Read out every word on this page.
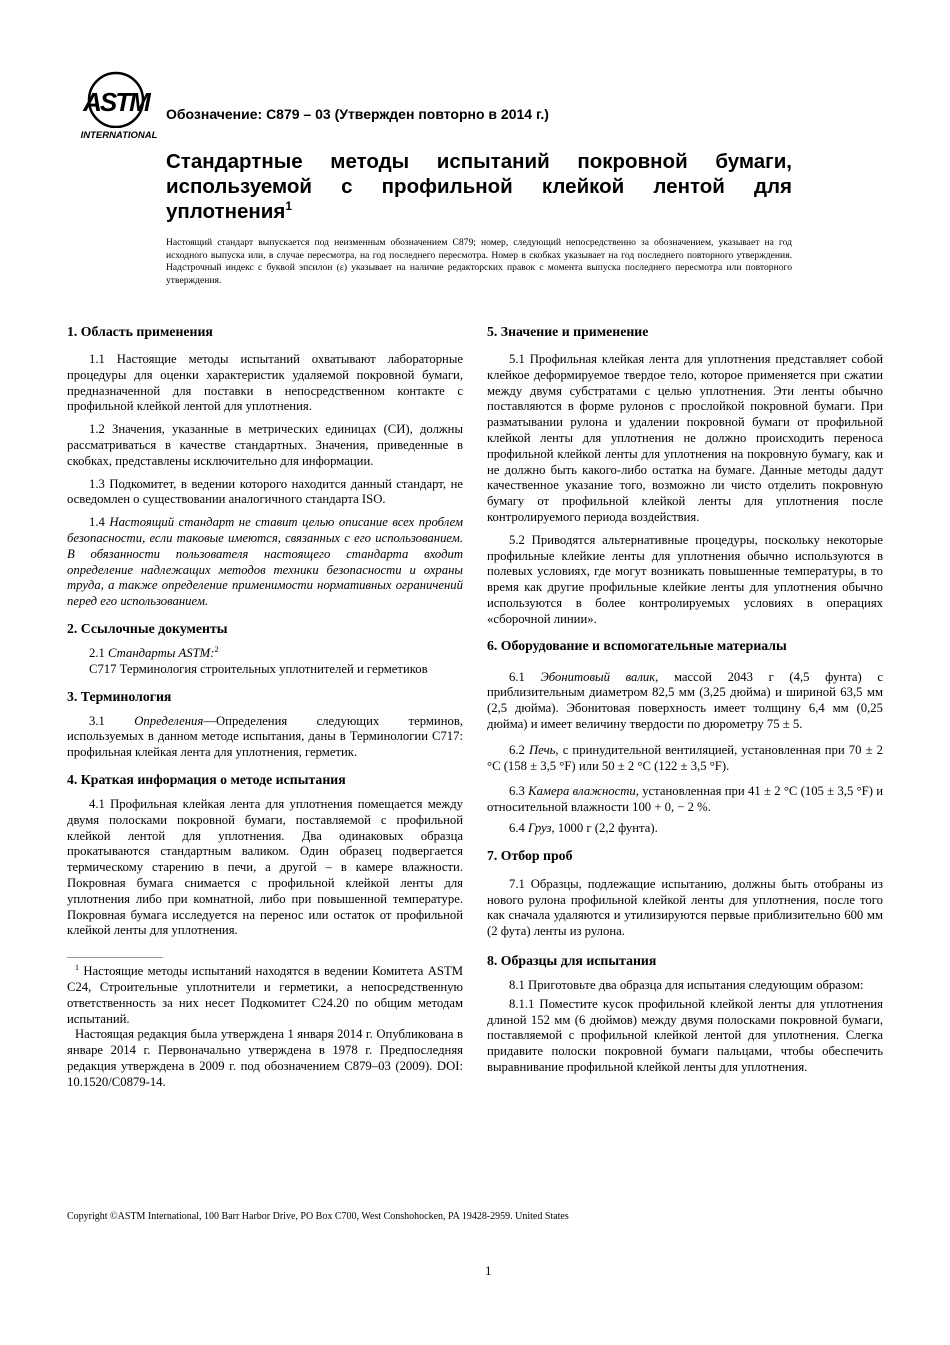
ASTM
INTERNATIONAL
Обозначение: C879 – 03 (Утвержден повторно в 2014 г.)
Стандартные методы испытаний покровной бумаги, используемой с профильной клейкой лентой для уплотнения$^1$

Настоящий стандарт выпускается под неизменным обозначением C879; номер, следующий непосредственно за обозначением, указывает на год исходного выпуска или, в случае пересмотра, на год последнего пересмотра. Номер в скобках указывает на год последнего повторного утверждения. Надстрочный индекс с буквой эпсилон (ε) указывает на наличие редакторских правок с момента выпуска последнего пересмотра или повторного утверждения.

1. Область применения

1.1 Настоящие методы испытаний охватывают лабораторные процедуры для оценки характеристик удаляемой покровной бумаги, предназначенной для поставки в непосредственном контакте с профильной клейкой лентой для уплотнения.

1.2 Значения, указанные в метрических единицах (СИ), должны рассматриваться в качестве стандартных. Значения, приведенные в скобках, представлены исключительно для информации.

1.3 Подкомитет, в ведении которого находится данный стандарт, не осведомлен о существовании аналогичного стандарта ISO.

1.4 Настоящий стандарт не ставит целью описание всех проблем безопасности, если таковые имеются, связанных с его использованием. В обязанности пользователя настоящего стандарта входит определение надлежащих методов техники безопасности и охраны труда, а также определение применимости нормативных ограничений перед его использованием.

2. Ссылочные документы

2.1 Стандарты ASTM:$^2$

C717 Терминология строительных уплотнителей и герметиков

3. Терминология

3.1 Определения—Определения следующих терминов, используемых в данном методе испытания, даны в Терминологии C717: профильная клейкая лента для уплотнения, герметик.

4. Краткая информация о методе испытания

4.1 Профильная клейкая лента для уплотнения помещается между двумя полосками покровной бумаги, поставляемой с профильной клейкой лентой для уплотнения. Два одинаковых образца прокатываются стандартным валиком. Один образец подвергается термическому старению в печи, а другой – в камере влажности. Покровная бумага снимается с профильной клейкой ленты для уплотнения либо при комнатной, либо при повышенной температуре. Покровная бумага исследуется на перенос или остаток от профильной клейкой ленты для уплотнения.

$^1$ Настоящие методы испытаний находятся в ведении Комитета ASTM C24, Строительные уплотнители и герметики, а непосредственную ответственность за них несет Подкомитет C24.20 по общим методам испытаний.

Настоящая редакция была утверждена 1 января 2014 г. Опубликована в январе 2014 г. Первоначально утверждена в 1978 г. Предпоследняя редакция утверждена в 2009 г. под обозначением C879–03 (2009). DOI: 10.1520/C0879-14.

5. Значение и применение

5.1 Профильная клейкая лента для уплотнения представляет собой клейкое деформируемое твердое тело, которое применяется при сжатии между двумя субстратами с целью уплотнения. Эти ленты обычно поставляются в форме рулонов с прослойкой покровной бумаги. При разматывании рулона и удалении покровной бумаги от профильной клейкой ленты для уплотнения не должно происходить переноса профильной клейкой ленты для уплотнения на покровную бумагу, как и не должно быть какого-либо остатка на бумаге. Данные методы дадут качественное указание того, возможно ли чисто отделить покровную бумагу от профильной клейкой ленты для уплотнения после контролируемого периода воздействия.

5.2 Приводятся альтернативные процедуры, поскольку некоторые профильные клейкие ленты для уплотнения обычно используются в полевых условиях, где могут возникать повышенные температуры, в то время как другие профильные клейкие ленты для уплотнения обычно используются в более контролируемых условиях в операциях «сборочной линии».

6. Оборудование и вспомогательные материалы

6.1 Эбонитовый валик, массой 2043 г (4,5 фунта) с приблизительным диаметром 82,5 мм (3,25 дюйма) и шириной 63,5 мм (2,5 дюйма). Эбонитовая поверхность имеет толщину 6,4 мм (0,25 дюйма) и имеет величину твердости по дюрометру 75 ± 5.

6.2 Печь, с принудительной вентиляцией, установленная при 70 ± 2 °C (158 ± 3,5 °F) или 50 ± 2 °C (122 ± 3,5 °F).

6.3 Камера влажности, установленная при 41 ± 2 °C (105 ± 3,5 °F) и относительной влажности 100 + 0, − 2 %.

6.4 Груз, 1000 г (2,2 фунта).

7. Отбор проб

7.1 Образцы, подлежащие испытанию, должны быть отобраны из нового рулона профильной клейкой ленты для уплотнения, после того как сначала удаляются и утилизируются первые приблизительно 600 мм (2 фута) ленты из рулона.

8. Образцы для испытания

8.1 Приготовьте два образца для испытания следующим образом:

8.1.1 Поместите кусок профильной клейкой ленты для уплотнения длиной 152 мм (6 дюймов) между двумя полосками покровной бумаги, поставляемой с профильной клейкой лентой для уплотнения. Слегка придавите полоски покровной бумаги пальцами, чтобы обеспечить выравнивание профильной клейкой ленты для уплотнения.

Copyright ©ASTM International, 100 Barr Harbor Drive, PO Box C700, West Conshohocken, PA 19428-2959. United States
1
